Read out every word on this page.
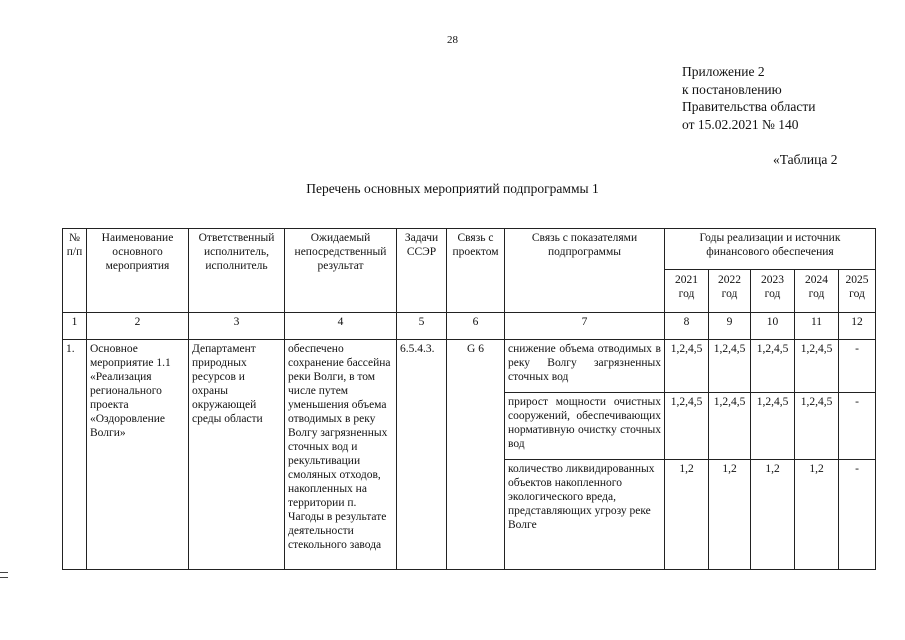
28
Приложение 2
к постановлению
Правительства области
от 15.02.2021 № 140
«Таблица 2
Перечень основных мероприятий подпрограммы 1
№ п/п	Наименование основного мероприятия	Ответственный исполнитель, исполнитель	Ожидаемый непосредственный результат	Задачи ССЭР	Связь с проектом	Связь с показателями подпрограммы	Годы реализации и источник финансового обеспечения				
							2021 год	2022 год	2023 год	2024 год	2025 год
1	2	3	4	5	6	7	8	9	10	11	12
1.	Основное мероприятие 1.1 «Реализация регионального проекта «Оздоровление Волги»	Департамент природных ресурсов и охраны окружающей среды области	обеспечено сохранение бассейна реки Волги, в том числе путем уменьшения объема отводимых в реку Волгу загрязненных сточных вод и рекультивации смоляных отходов, накопленных на территории п. Чагоды в результате деятельности стекольного завода	6.5.4.3.	G 6	снижение объема отводимых в реку Волгу загрязненных сточных вод	1,2,4,5	1,2,4,5	1,2,4,5	1,2,4,5	-
						прирост мощности очистных сооружений, обеспечивающих нормативную очистку сточных вод	1,2,4,5	1,2,4,5	1,2,4,5	1,2,4,5	-
						количество ликвидированных объектов накопленного экологического вреда, представляющих угрозу реке Волге	1,2	1,2	1,2	1,2	-
